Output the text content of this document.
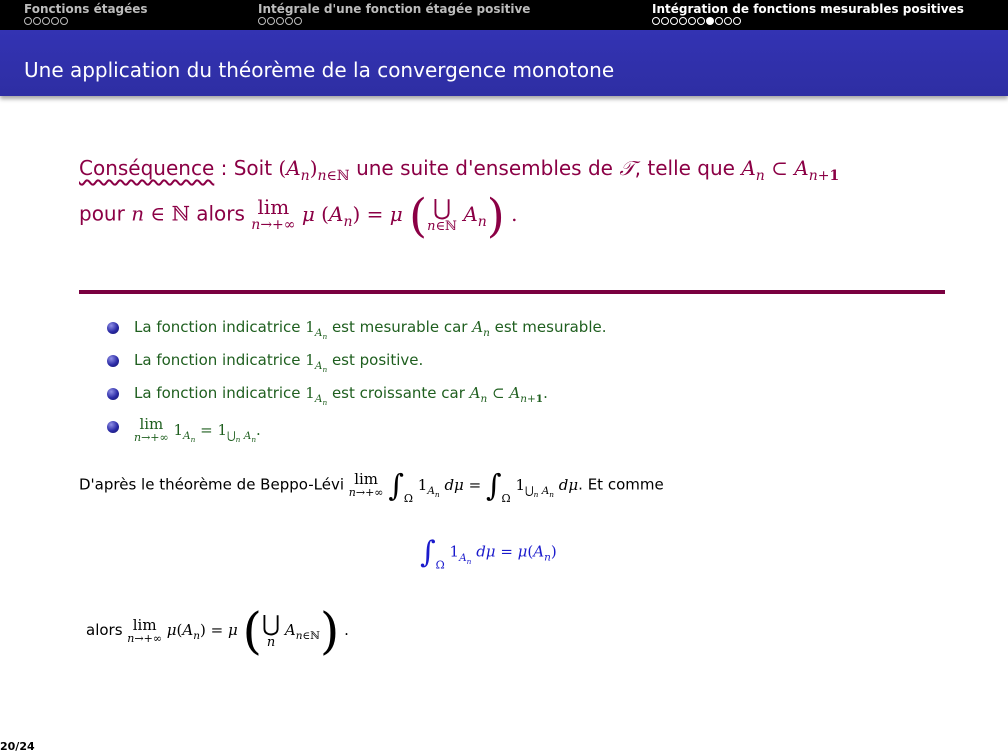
Fonctions étagées	Intégrale d'une fonction étagée positive	Intégration de fonctions mesurables positives
Une application du théorème de la convergence monotone
Conséquence : Soit $(A_n)_{n\in ℕ}$ une suite d'ensembles de 𝒯, telle que $A_n$ ⊂ $A_{n+1}$
pour n ∈ ℕ alors lim
n→+∞ μ $(A_n) = \mu$ ( ⋃
n∈ℕ
$A_n$) .
La fonction indicatrice $1_{A_n}$ est mesurable car $A_n$ est mesurable.
La fonction indicatrice $1_{A_n}$ est positive.
La fonction indicatrice $1_{A_n}$ est croissante car $A_n$ ⊂ $A_{n+1}$.
lim
n→+∞ $1_{A_n} = 1_{⋃_n A_n}$.
D'après le théorème de Beppo-Lévi lim
n→+∞ $\int_\Omega$ $1_{A_n}$ $d\mu = \int_\Omega$ $1_{⋃_n A_n}$ dμ. Et comme
$\int_\Omega$ $1_{A_n}$ $d\mu = \mu(A_n)$
alors lim
n→+∞ $\mu(A_n) = \mu$ ( ⋃
n
$A_{n\in ℕ}$) .
20/24
